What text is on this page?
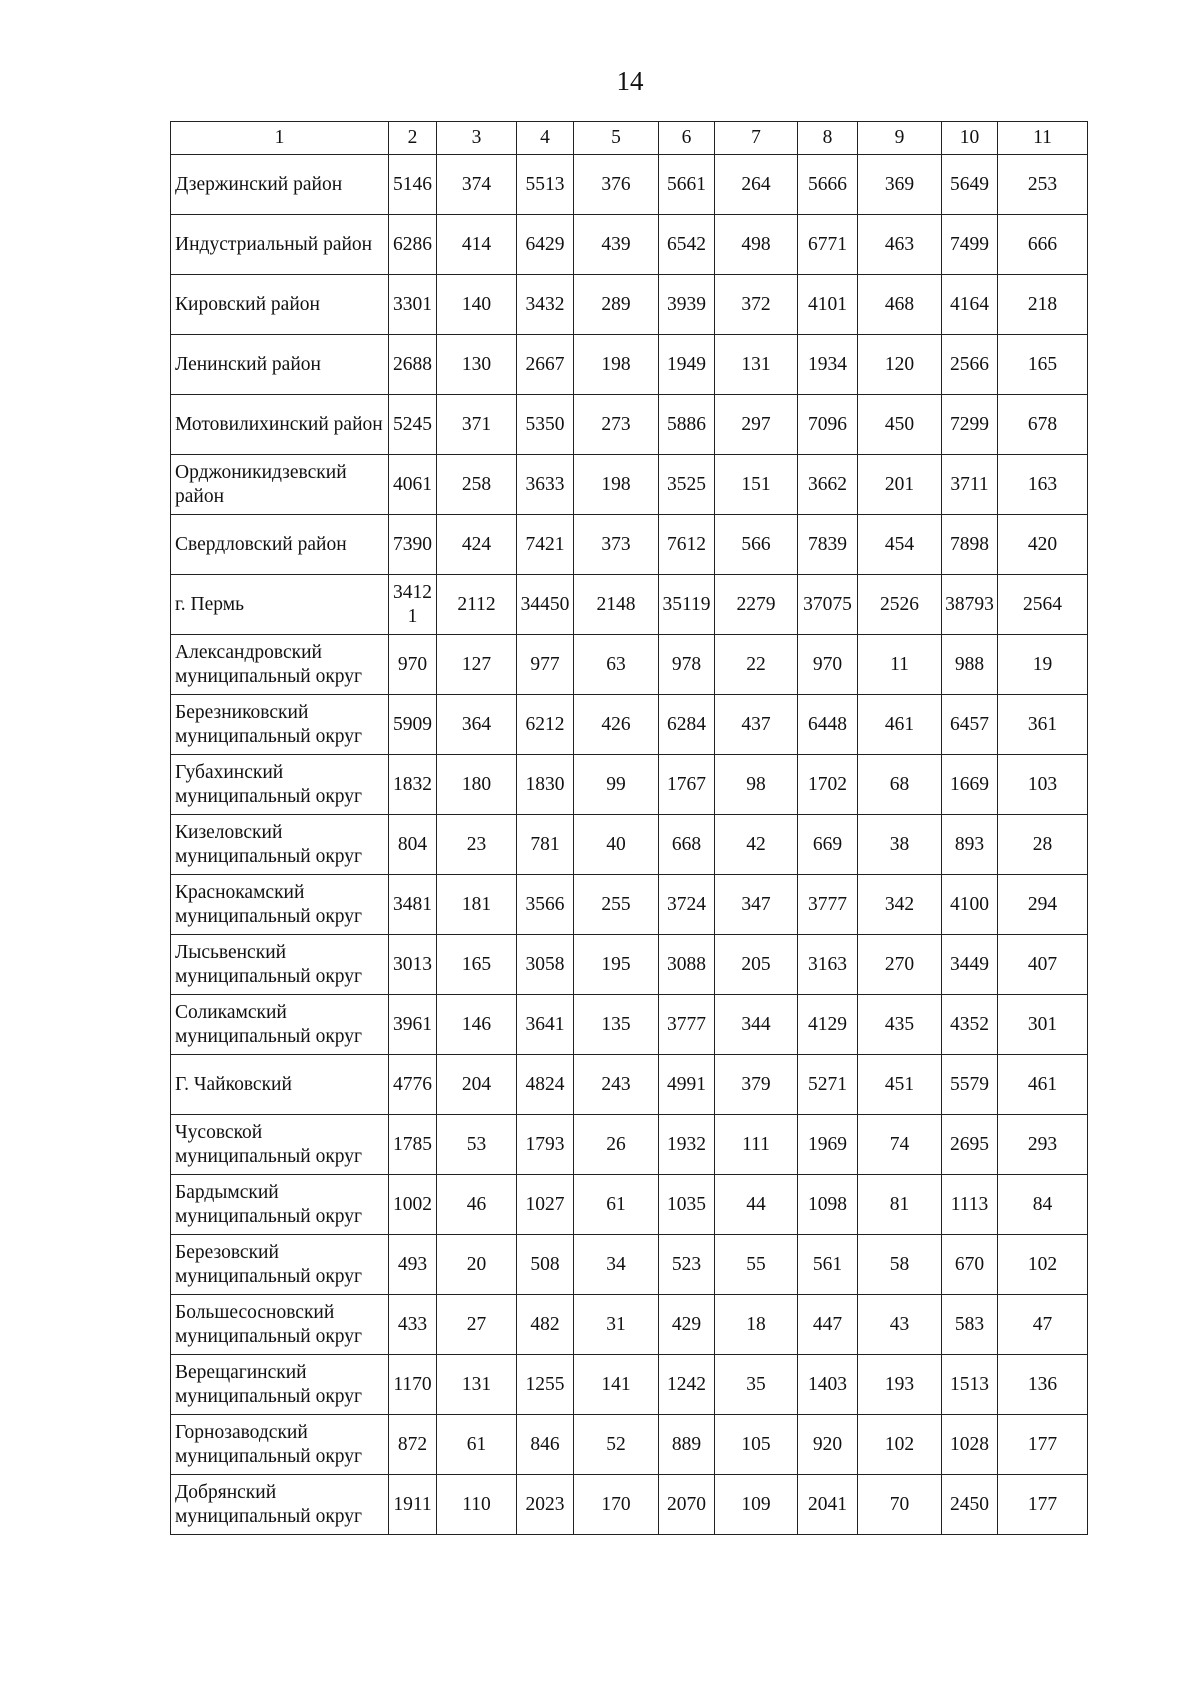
14
1	2	3	4	5	6	7	8	9	10	11
Дзержинский район	5146	374	5513	376	5661	264	5666	369	5649	253
Индустриальный район	6286	414	6429	439	6542	498	6771	463	7499	666
Кировский район	3301	140	3432	289	3939	372	4101	468	4164	218
Ленинский район	2688	130	2667	198	1949	131	1934	120	2566	165
Мотовилихинский район	5245	371	5350	273	5886	297	7096	450	7299	678
Орджоникидзевский район	4061	258	3633	198	3525	151	3662	201	3711	163
Свердловский район	7390	424	7421	373	7612	566	7839	454	7898	420
г. Пермь	34121	2112	34450	2148	35119	2279	37075	2526	38793	2564
Александровский муниципальный округ	970	127	977	63	978	22	970	11	988	19
Березниковский муниципальный округ	5909	364	6212	426	6284	437	6448	461	6457	361
Губахинский муниципальный округ	1832	180	1830	99	1767	98	1702	68	1669	103
Кизеловский муниципальный округ	804	23	781	40	668	42	669	38	893	28
Краснокамский муниципальный округ	3481	181	3566	255	3724	347	3777	342	4100	294
Лысьвенский муниципальный округ	3013	165	3058	195	3088	205	3163	270	3449	407
Соликамский муниципальный округ	3961	146	3641	135	3777	344	4129	435	4352	301
Г. Чайковский	4776	204	4824	243	4991	379	5271	451	5579	461
Чусовской муниципальный округ	1785	53	1793	26	1932	111	1969	74	2695	293
Бардымский муниципальный округ	1002	46	1027	61	1035	44	1098	81	1113	84
Березовский муниципальный округ	493	20	508	34	523	55	561	58	670	102
Большесосновский муниципальный округ	433	27	482	31	429	18	447	43	583	47
Верещагинский муниципальный округ	1170	131	1255	141	1242	35	1403	193	1513	136
Горнозаводский муниципальный округ	872	61	846	52	889	105	920	102	1028	177
Добрянский муниципальный округ	1911	110	2023	170	2070	109	2041	70	2450	177
